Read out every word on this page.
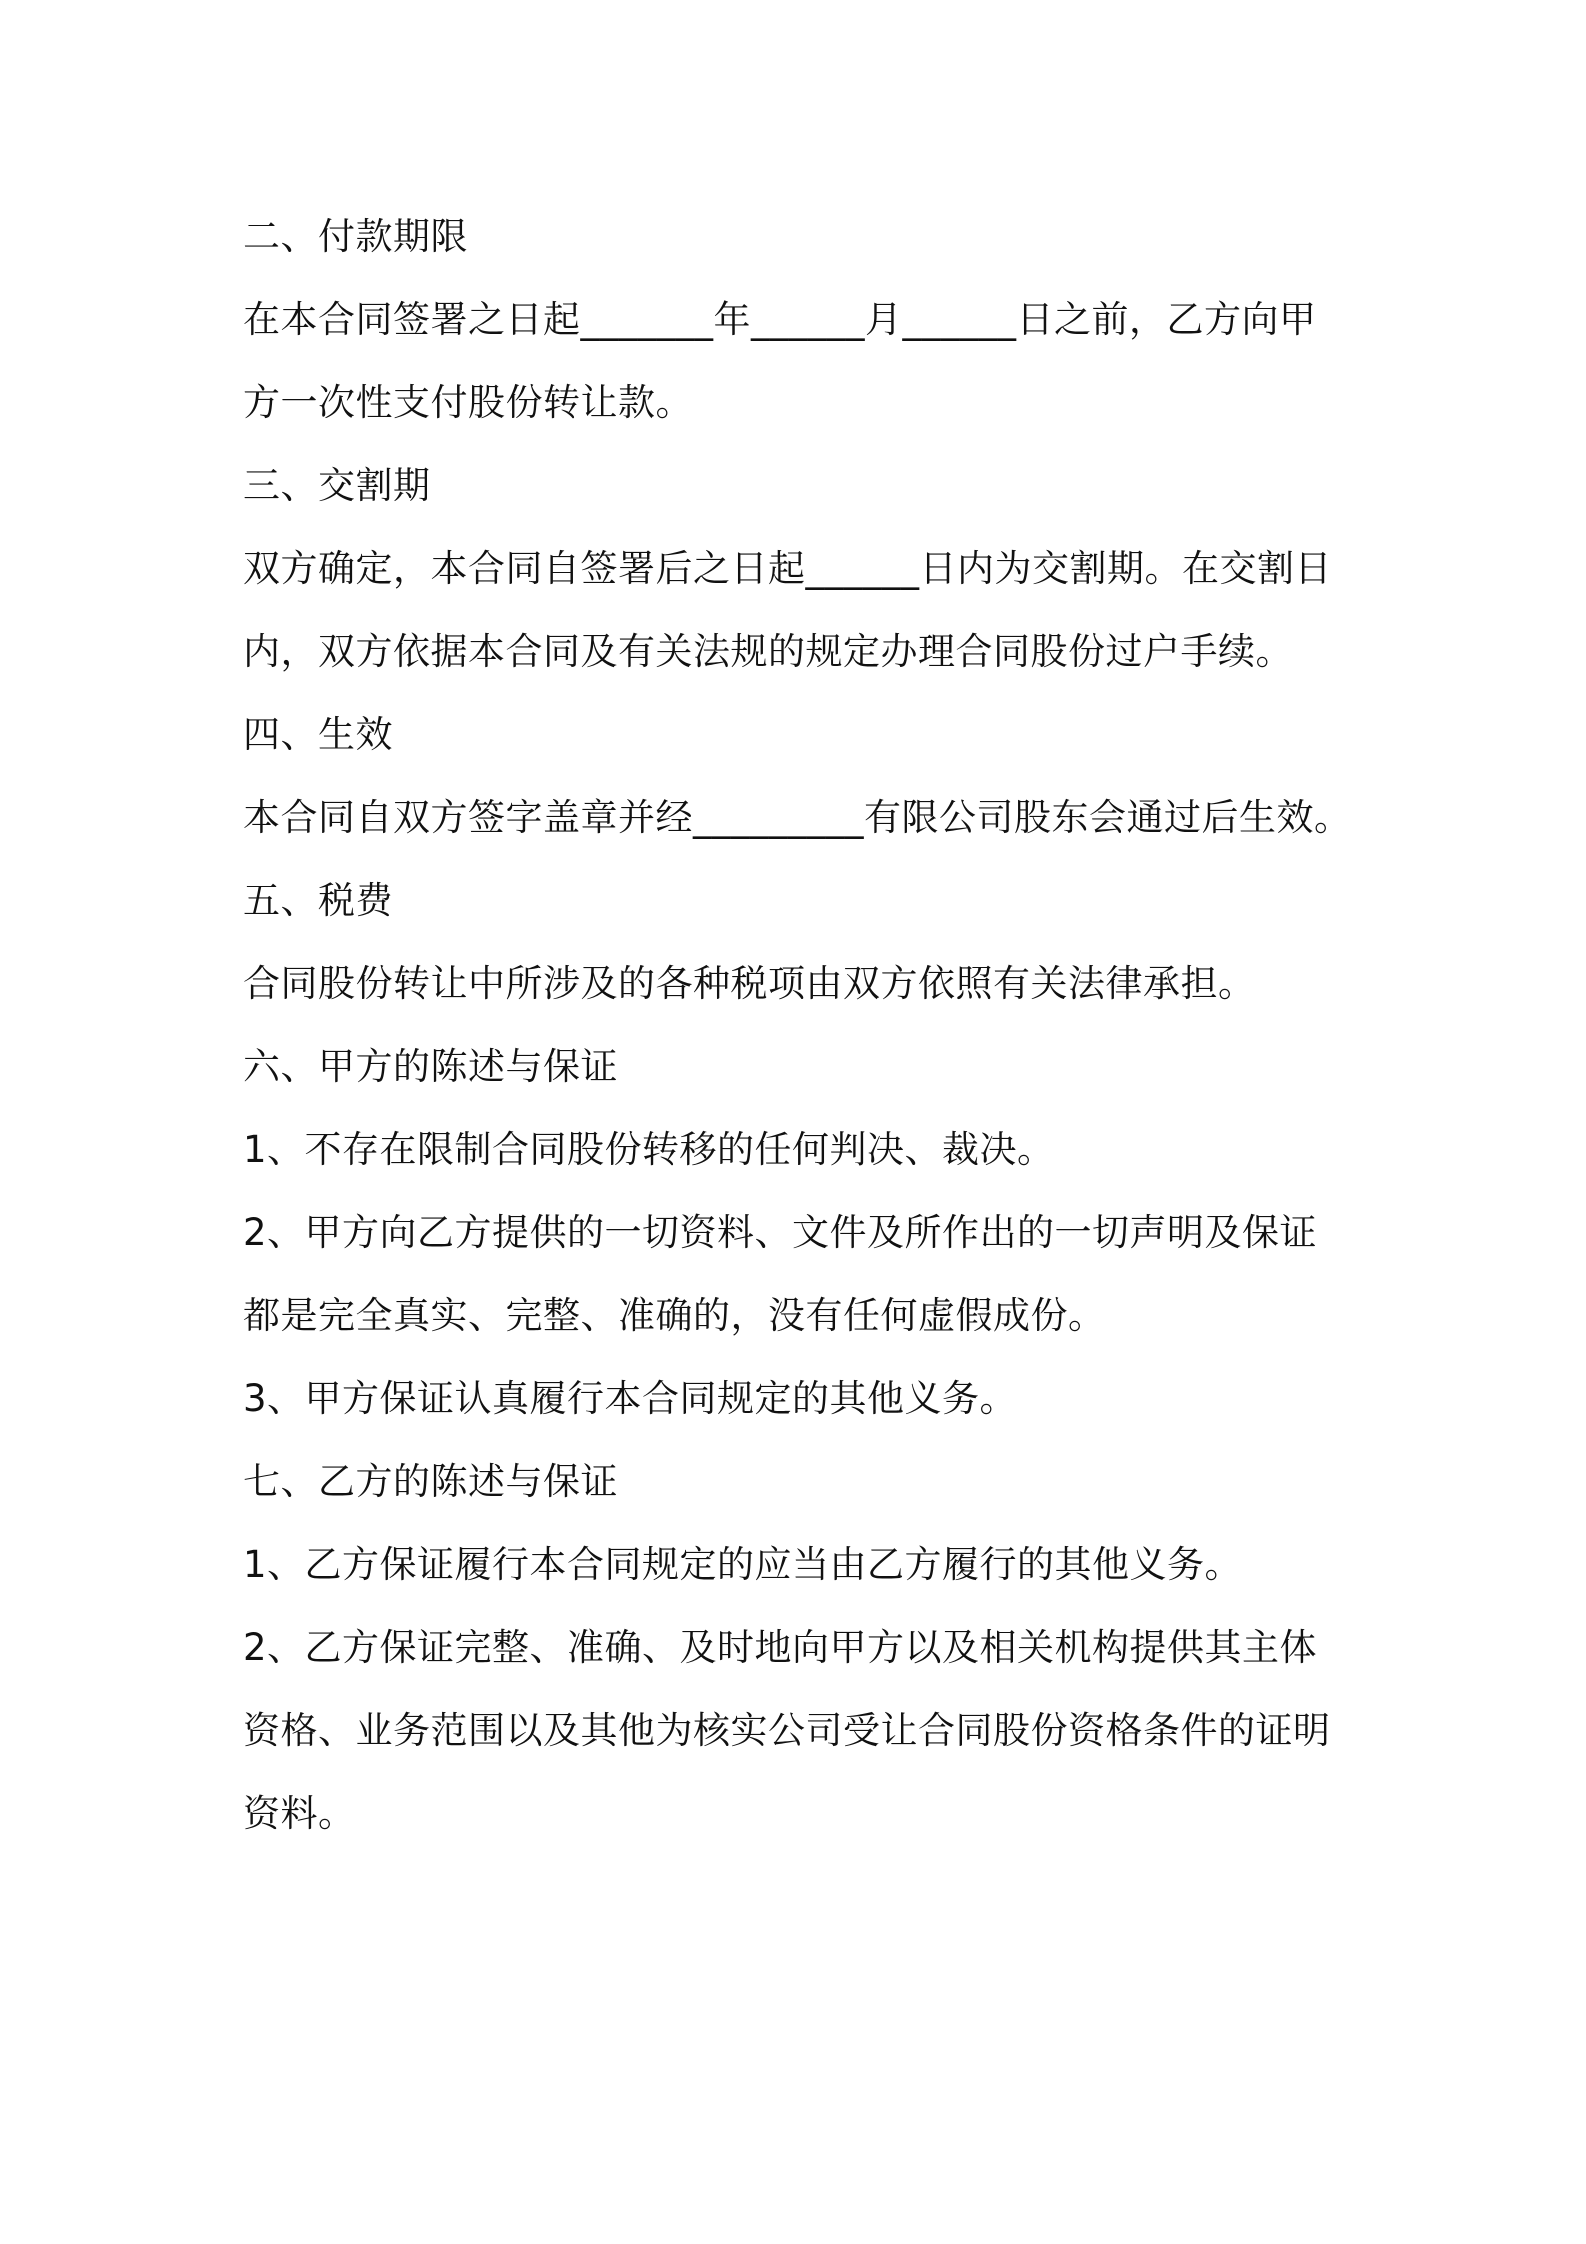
二、付款期限

在本合同签署之日起_______年______月______日之前，乙方向甲方一次性支付股份转让款。

三、交割期

双方确定，本合同自签署后之日起______日内为交割期。在交割日内，双方依据本合同及有关法规的规定办理合同股份过户手续。

四、生效

本合同自双方签字盖章并经_________有限公司股东会通过后生效。

五、税费

合同股份转让中所涉及的各种税项由双方依照有关法律承担。

六、甲方的陈述与保证

1、不存在限制合同股份转移的任何判决、裁决。

2、甲方向乙方提供的一切资料、文件及所作出的一切声明及保证都是完全真实、完整、准确的，没有任何虚假成份。

3、甲方保证认真履行本合同规定的其他义务。

七、乙方的陈述与保证

1、乙方保证履行本合同规定的应当由乙方履行的其他义务。

2、乙方保证完整、准确、及时地向甲方以及相关机构提供其主体资格、业务范围以及其他为核实公司受让合同股份资格条件的证明资料。
